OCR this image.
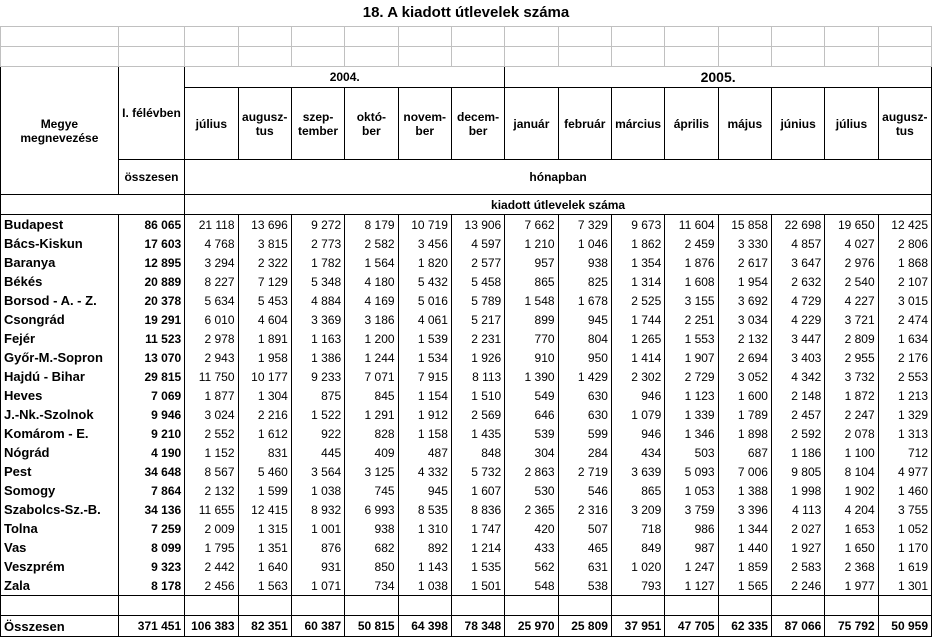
18. A kiadott útlevelek száma

Megye megnevezése	I. félévben	2004.						2005.							
		július	augusz-tus	szep-tember	októ-ber	novem-ber	decem-ber	január	február	március	április	május	június	július	augusz-tus
	összesen	hónapban													
		kiadott útlevelek száma													
Budapest	86 065	21 118	13 696	9 272	8 179	10 719	13 906	7 662	7 329	9 673	11 604	15 858	22 698	19 650	12 425
Bács-Kiskun	17 603	4 768	3 815	2 773	2 582	3 456	4 597	1 210	1 046	1 862	2 459	3 330	4 857	4 027	2 806
Baranya	12 895	3 294	2 322	1 782	1 564	1 820	2 577	957	938	1 354	1 876	2 617	3 647	2 976	1 868
Békés	20 889	8 227	7 129	5 348	4 180	5 432	5 458	865	825	1 314	1 608	1 954	2 632	2 540	2 107
Borsod - A. - Z.	20 378	5 634	5 453	4 884	4 169	5 016	5 789	1 548	1 678	2 525	3 155	3 692	4 729	4 227	3 015
Csongrád	19 291	6 010	4 604	3 369	3 186	4 061	5 217	899	945	1 744	2 251	3 034	4 229	3 721	2 474
Fejér	11 523	2 978	1 891	1 163	1 200	1 539	2 231	770	804	1 265	1 553	2 132	3 447	2 809	1 634
Győr-M.-Sopron	13 070	2 943	1 958	1 386	1 244	1 534	1 926	910	950	1 414	1 907	2 694	3 403	2 955	2 176
Hajdú - Bihar	29 815	11 750	10 177	9 233	7 071	7 915	8 113	1 390	1 429	2 302	2 729	3 052	4 342	3 732	2 553
Heves	7 069	1 877	1 304	875	845	1 154	1 510	549	630	946	1 123	1 600	2 148	1 872	1 213
J.-Nk.-Szolnok	9 946	3 024	2 216	1 522	1 291	1 912	2 569	646	630	1 079	1 339	1 789	2 457	2 247	1 329
Komárom - E.	9 210	2 552	1 612	922	828	1 158	1 435	539	599	946	1 346	1 898	2 592	2 078	1 313
Nógrád	4 190	1 152	831	445	409	487	848	304	284	434	503	687	1 186	1 100	712
Pest	34 648	8 567	5 460	3 564	3 125	4 332	5 732	2 863	2 719	3 639	5 093	7 006	9 805	8 104	4 977
Somogy	7 864	2 132	1 599	1 038	745	945	1 607	530	546	865	1 053	1 388	1 998	1 902	1 460
Szabolcs-Sz.-B.	34 136	11 655	12 415	8 932	6 993	8 535	8 836	2 365	2 316	3 209	3 759	3 396	4 113	4 204	3 755
Tolna	7 259	2 009	1 315	1 001	938	1 310	1 747	420	507	718	986	1 344	2 027	1 653	1 052
Vas	8 099	1 795	1 351	876	682	892	1 214	433	465	849	987	1 440	1 927	1 650	1 170
Veszprém	9 323	2 442	1 640	931	850	1 143	1 535	562	631	1 020	1 247	1 859	2 583	2 368	1 619
Zala	8 178	2 456	1 563	1 071	734	1 038	1 501	548	538	793	1 127	1 565	2 246	1 977	1 301

Összesen	371 451	106 383	82 351	60 387	50 815	64 398	78 348	25 970	25 809	37 951	47 705	62 335	87 066	75 792	50 959
